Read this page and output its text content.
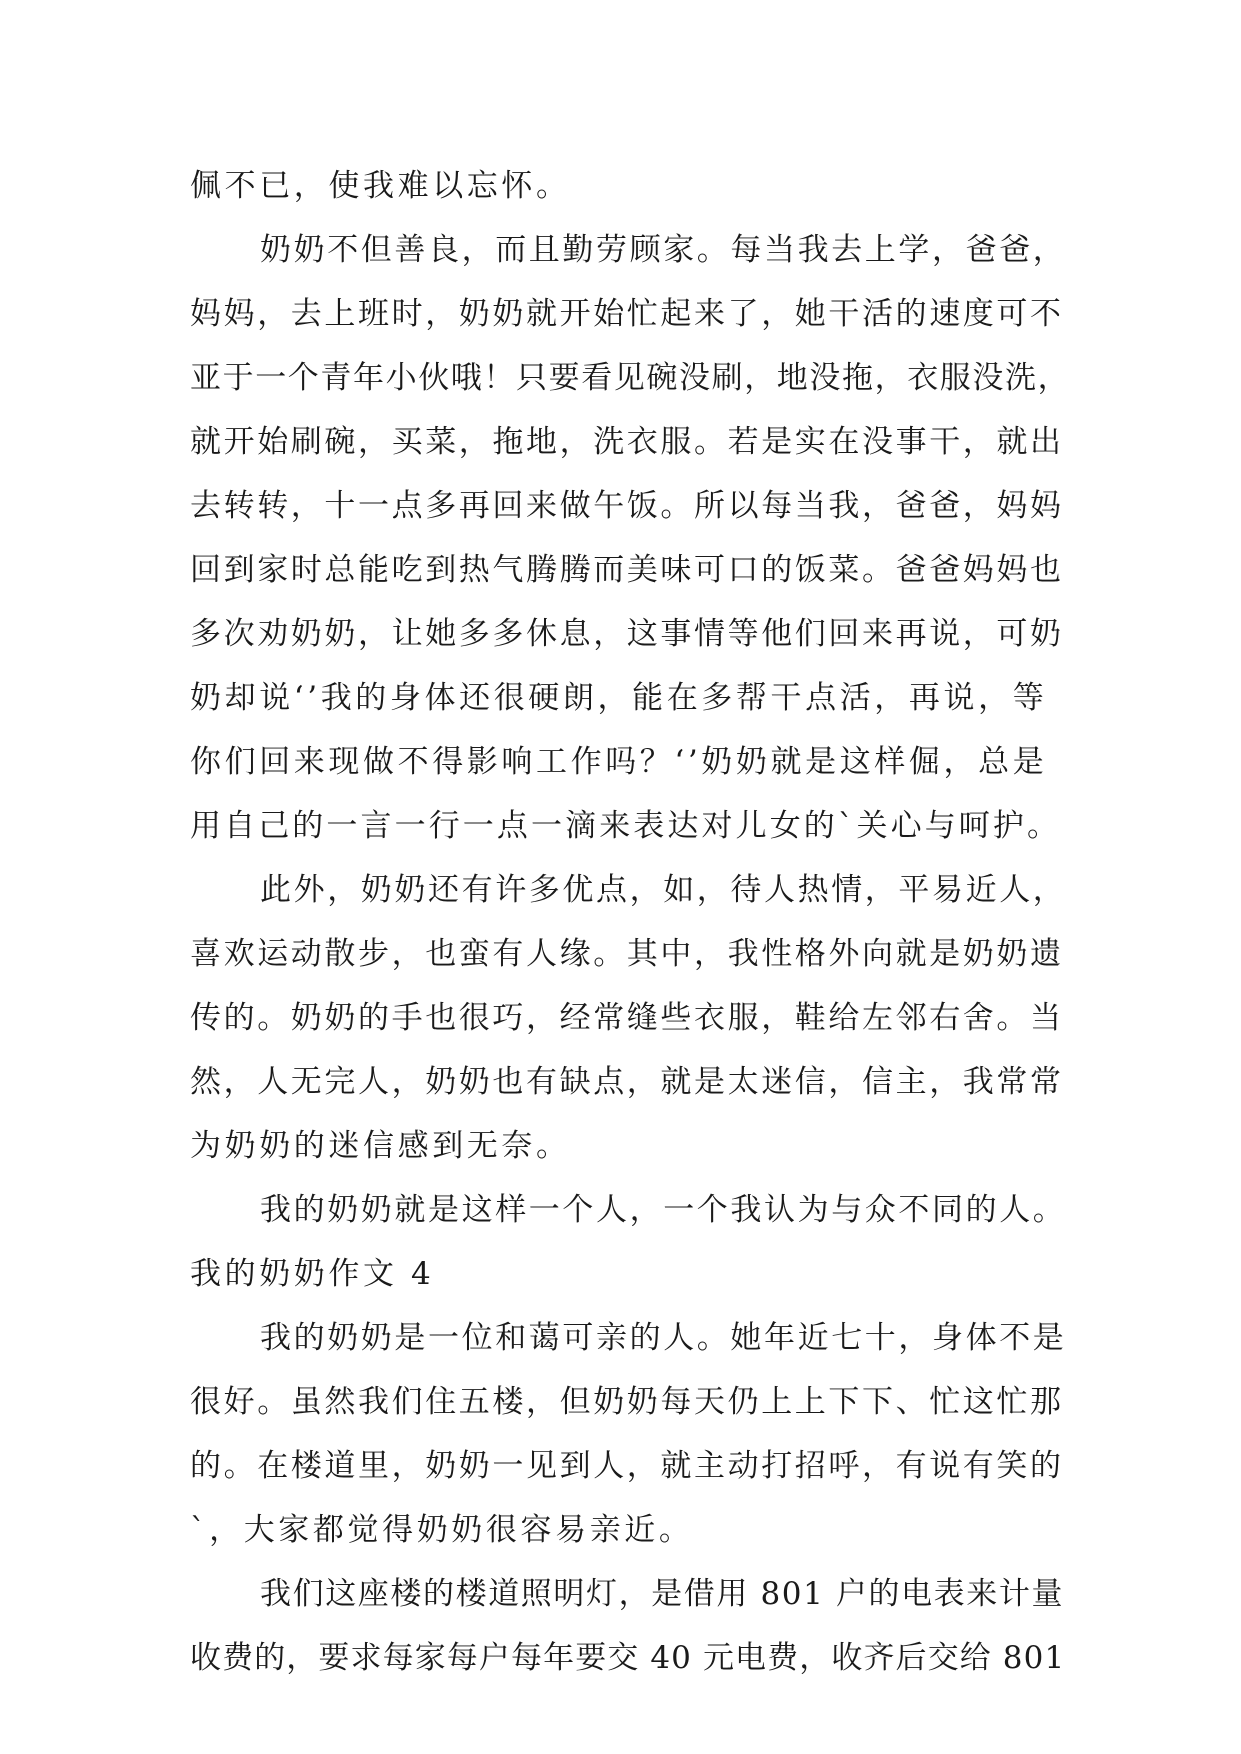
佩不已，使我难以忘怀。
奶奶不但善良，而且勤劳顾家。每当我去上学，爸爸，
妈妈，去上班时，奶奶就开始忙起来了，她干活的速度可不
亚于一个青年小伙哦！只要看见碗没刷，地没拖，衣服没洗，
就开始刷碗，买菜，拖地，洗衣服。若是实在没事干，就出
去转转，十一点多再回来做午饭。所以每当我，爸爸，妈妈
回到家时总能吃到热气腾腾而美味可口的饭菜。爸爸妈妈也
多次劝奶奶，让她多多休息，这事情等他们回来再说，可奶
奶却说‘’我的身体还很硬朗，能在多帮干点活，再说，等
你们回来现做不得影响工作吗？‘’奶奶就是这样倔，总是
用自己的一言一行一点一滴来表达对儿女的`关心与呵护。
此外，奶奶还有许多优点，如，待人热情，平易近人，
喜欢运动散步，也蛮有人缘。其中，我性格外向就是奶奶遗
传的。奶奶的手也很巧，经常缝些衣服，鞋给左邻右舍。当
然，人无完人，奶奶也有缺点，就是太迷信，信主，我常常
为奶奶的迷信感到无奈。
我的奶奶就是这样一个人，一个我认为与众不同的人。
我的奶奶作文 4
我的奶奶是一位和蔼可亲的人。她年近七十，身体不是
很好。虽然我们住五楼，但奶奶每天仍上上下下、忙这忙那
的。在楼道里，奶奶一见到人，就主动打招呼，有说有笑的
`，大家都觉得奶奶很容易亲近。
我们这座楼的楼道照明灯，是借用 801 户的电表来计量
收费的，要求每家每户每年要交 40 元电费，收齐后交给 801
